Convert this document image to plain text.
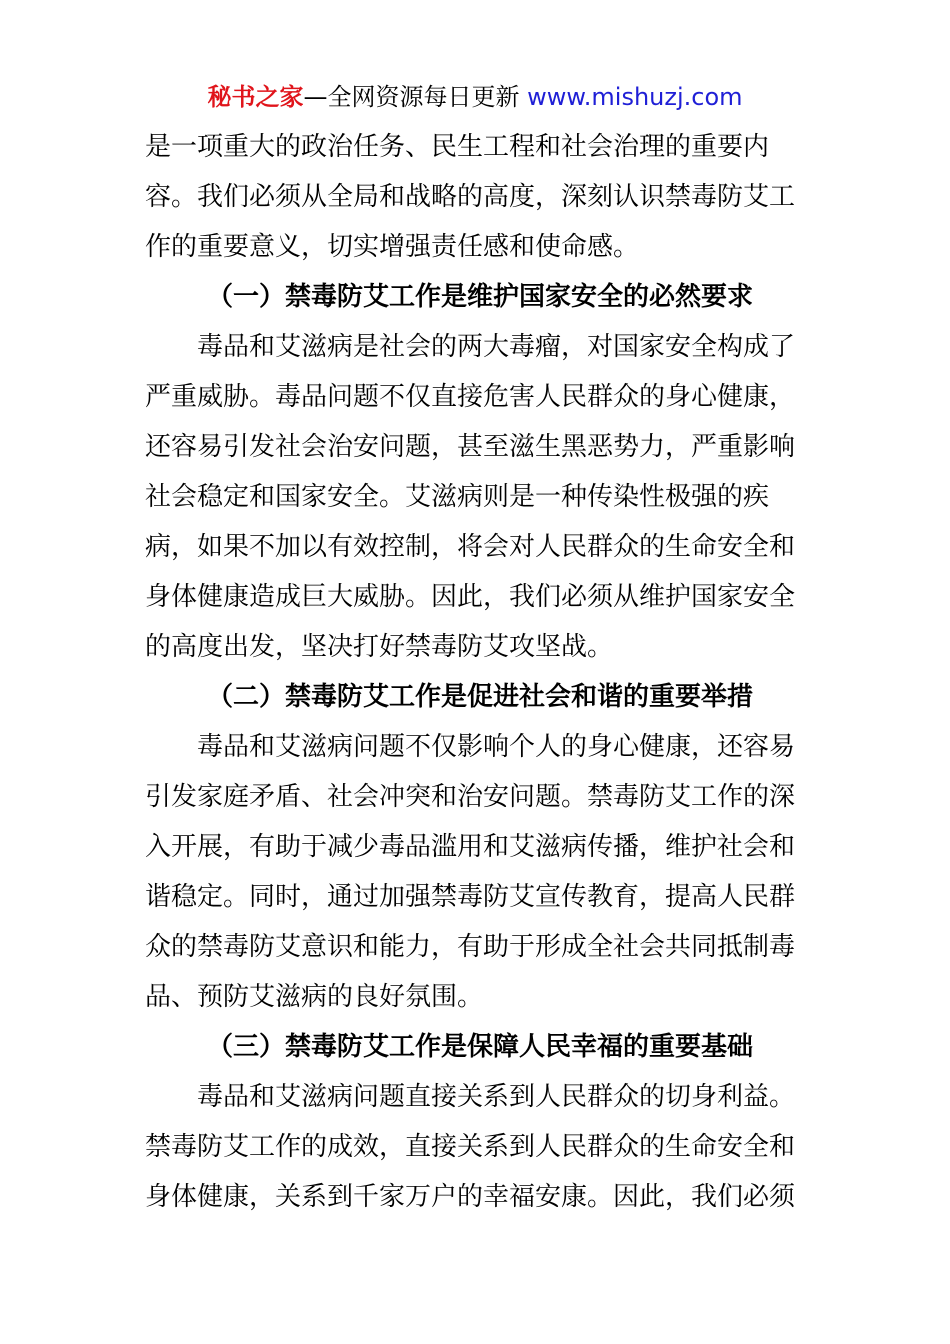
秘书之家—全网资源每日更新 www.mishuzj.com
是一项重大的政治任务、民生工程和社会治理的重要内
容。我们必须从全局和战略的高度，深刻认识禁毒防艾工
作的重要意义，切实增强责任感和使命感。
（一）禁毒防艾工作是维护国家安全的必然要求
毒品和艾滋病是社会的两大毒瘤，对国家安全构成了
严重威胁。毒品问题不仅直接危害人民群众的身心健康，
还容易引发社会治安问题，甚至滋生黑恶势力，严重影响
社会稳定和国家安全。艾滋病则是一种传染性极强的疾
病，如果不加以有效控制，将会对人民群众的生命安全和
身体健康造成巨大威胁。因此，我们必须从维护国家安全
的高度出发，坚决打好禁毒防艾攻坚战。
（二）禁毒防艾工作是促进社会和谐的重要举措
毒品和艾滋病问题不仅影响个人的身心健康，还容易
引发家庭矛盾、社会冲突和治安问题。禁毒防艾工作的深
入开展，有助于减少毒品滥用和艾滋病传播，维护社会和
谐稳定。同时，通过加强禁毒防艾宣传教育，提高人民群
众的禁毒防艾意识和能力，有助于形成全社会共同抵制毒
品、预防艾滋病的良好氛围。
（三）禁毒防艾工作是保障人民幸福的重要基础
毒品和艾滋病问题直接关系到人民群众的切身利益。
禁毒防艾工作的成效，直接关系到人民群众的生命安全和
身体健康，关系到千家万户的幸福安康。因此，我们必须
